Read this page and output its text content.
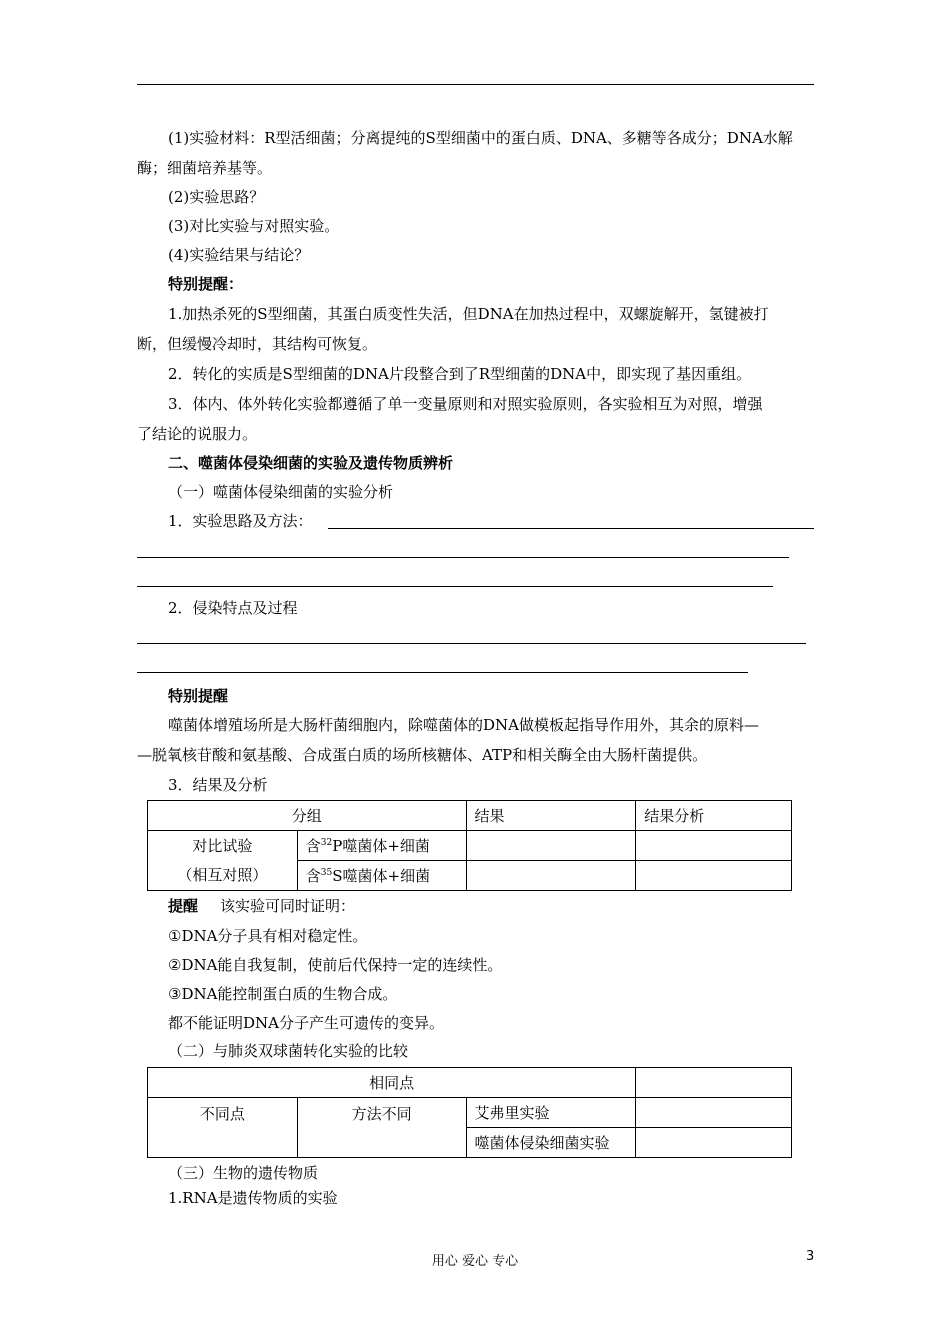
(1)实验材料：R型活细菌；分离提纯的S型细菌中的蛋白质、DNA、多糖等各成分；DNA水解
酶；细菌培养基等。
(2)实验思路？
(3)对比实验与对照实验。
(4)实验结果与结论？
特别提醒：
1.加热杀死的S型细菌，其蛋白质变性失活，但DNA在加热过程中，双螺旋解开，氢键被打
断，但缓慢冷却时，其结构可恢复。
2．转化的实质是S型细菌的DNA片段整合到了R型细菌的DNA中，即实现了基因重组。
3．体内、体外转化实验都遵循了单一变量原则和对照实验原则，各实验相互为对照，增强
了结论的说服力。
二、噬菌体侵染细菌的实验及遗传物质辨析
（一）噬菌体侵染细菌的实验分析
1．实验思路及方法：
2．侵染特点及过程
特别提醒
噬菌体增殖场所是大肠杆菌细胞内，除噬菌体的DNA做模板起指导作用外，其余的原料—
—脱氧核苷酸和氨基酸、合成蛋白质的场所核糖体、ATP和相关酶全由大肠杆菌提供。
3．结果及分析
分组		结果	结果分析

对比试验
（相互对照）	含$^{32}$P噬菌体+细菌		
	含$^{35}$S噬菌体+细菌		
提醒 该实验可同时证明：
①DNA分子具有相对稳定性。
②DNA能自我复制，使前后代保持一定的连续性。
③DNA能控制蛋白质的生物合成。
都不能证明DNA分子产生可遗传的变异。
（二）与肺炎双球菌转化实验的比较
相同点			
不同点	方法不同	艾弗里实验	
		噬菌体侵染细菌实验	
（三）生物的遗传物质
1.RNA是遗传物质的实验
用心 爱心 专心	3
